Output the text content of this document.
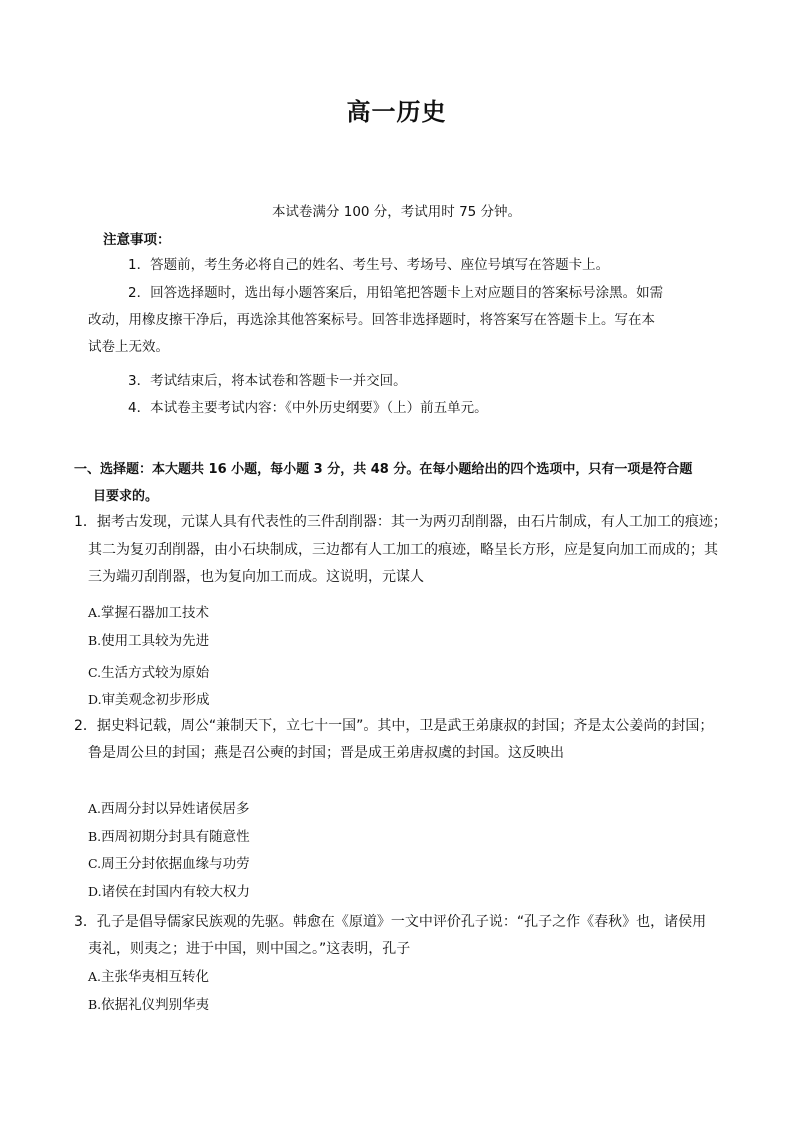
高一历史
本试卷满分 100 分，考试用时 75 分钟。
注意事项：
1．答题前，考生务必将自己的姓名、考生号、考场号、座位号填写在答题卡上。
2．回答选择题时，选出每小题答案后，用铅笔把答题卡上对应题目的答案标号涂黑。如需
改动，用橡皮擦干净后，再选涂其他答案标号。回答非选择题时，将答案写在答题卡上。写在本
试卷上无效。
3．考试结束后，将本试卷和答题卡一并交回。
4．本试卷主要考试内容：《中外历史纲要》（上）前五单元。
一、选择题：本大题共 16 小题，每小题 3 分，共 48 分。在每小题给出的四个选项中，只有一项是符合题
目要求的。
1．据考古发现，元谋人具有代表性的三件刮削器：其一为两刃刮削器，由石片制成，有人工加工的痕迹；
其二为复刃刮削器，由小石块制成，三边都有人工加工的痕迹，略呈长方形，应是复向加工而成的；其
三为端刃刮削器，也为复向加工而成。这说明，元谋人
A.掌握石器加工技术
B.使用工具较为先进
C.生活方式较为原始
D.审美观念初步形成
2．据史料记载，周公“兼制天下，立七十一国”。其中，卫是武王弟康叔的封国；齐是太公姜尚的封国；
鲁是周公旦的封国；燕是召公奭的封国；晋是成王弟唐叔虞的封国。这反映出
A.西周分封以异姓诸侯居多
B.西周初期分封具有随意性
C.周王分封依据血缘与功劳
D.诸侯在封国内有较大权力
3．孔子是倡导儒家民族观的先驱。韩愈在《原道》一文中评价孔子说：“孔子之作《春秋》也，诸侯用
夷礼，则夷之；进于中国，则中国之。”这表明，孔子
A.主张华夷相互转化
B.依据礼仪判别华夷
